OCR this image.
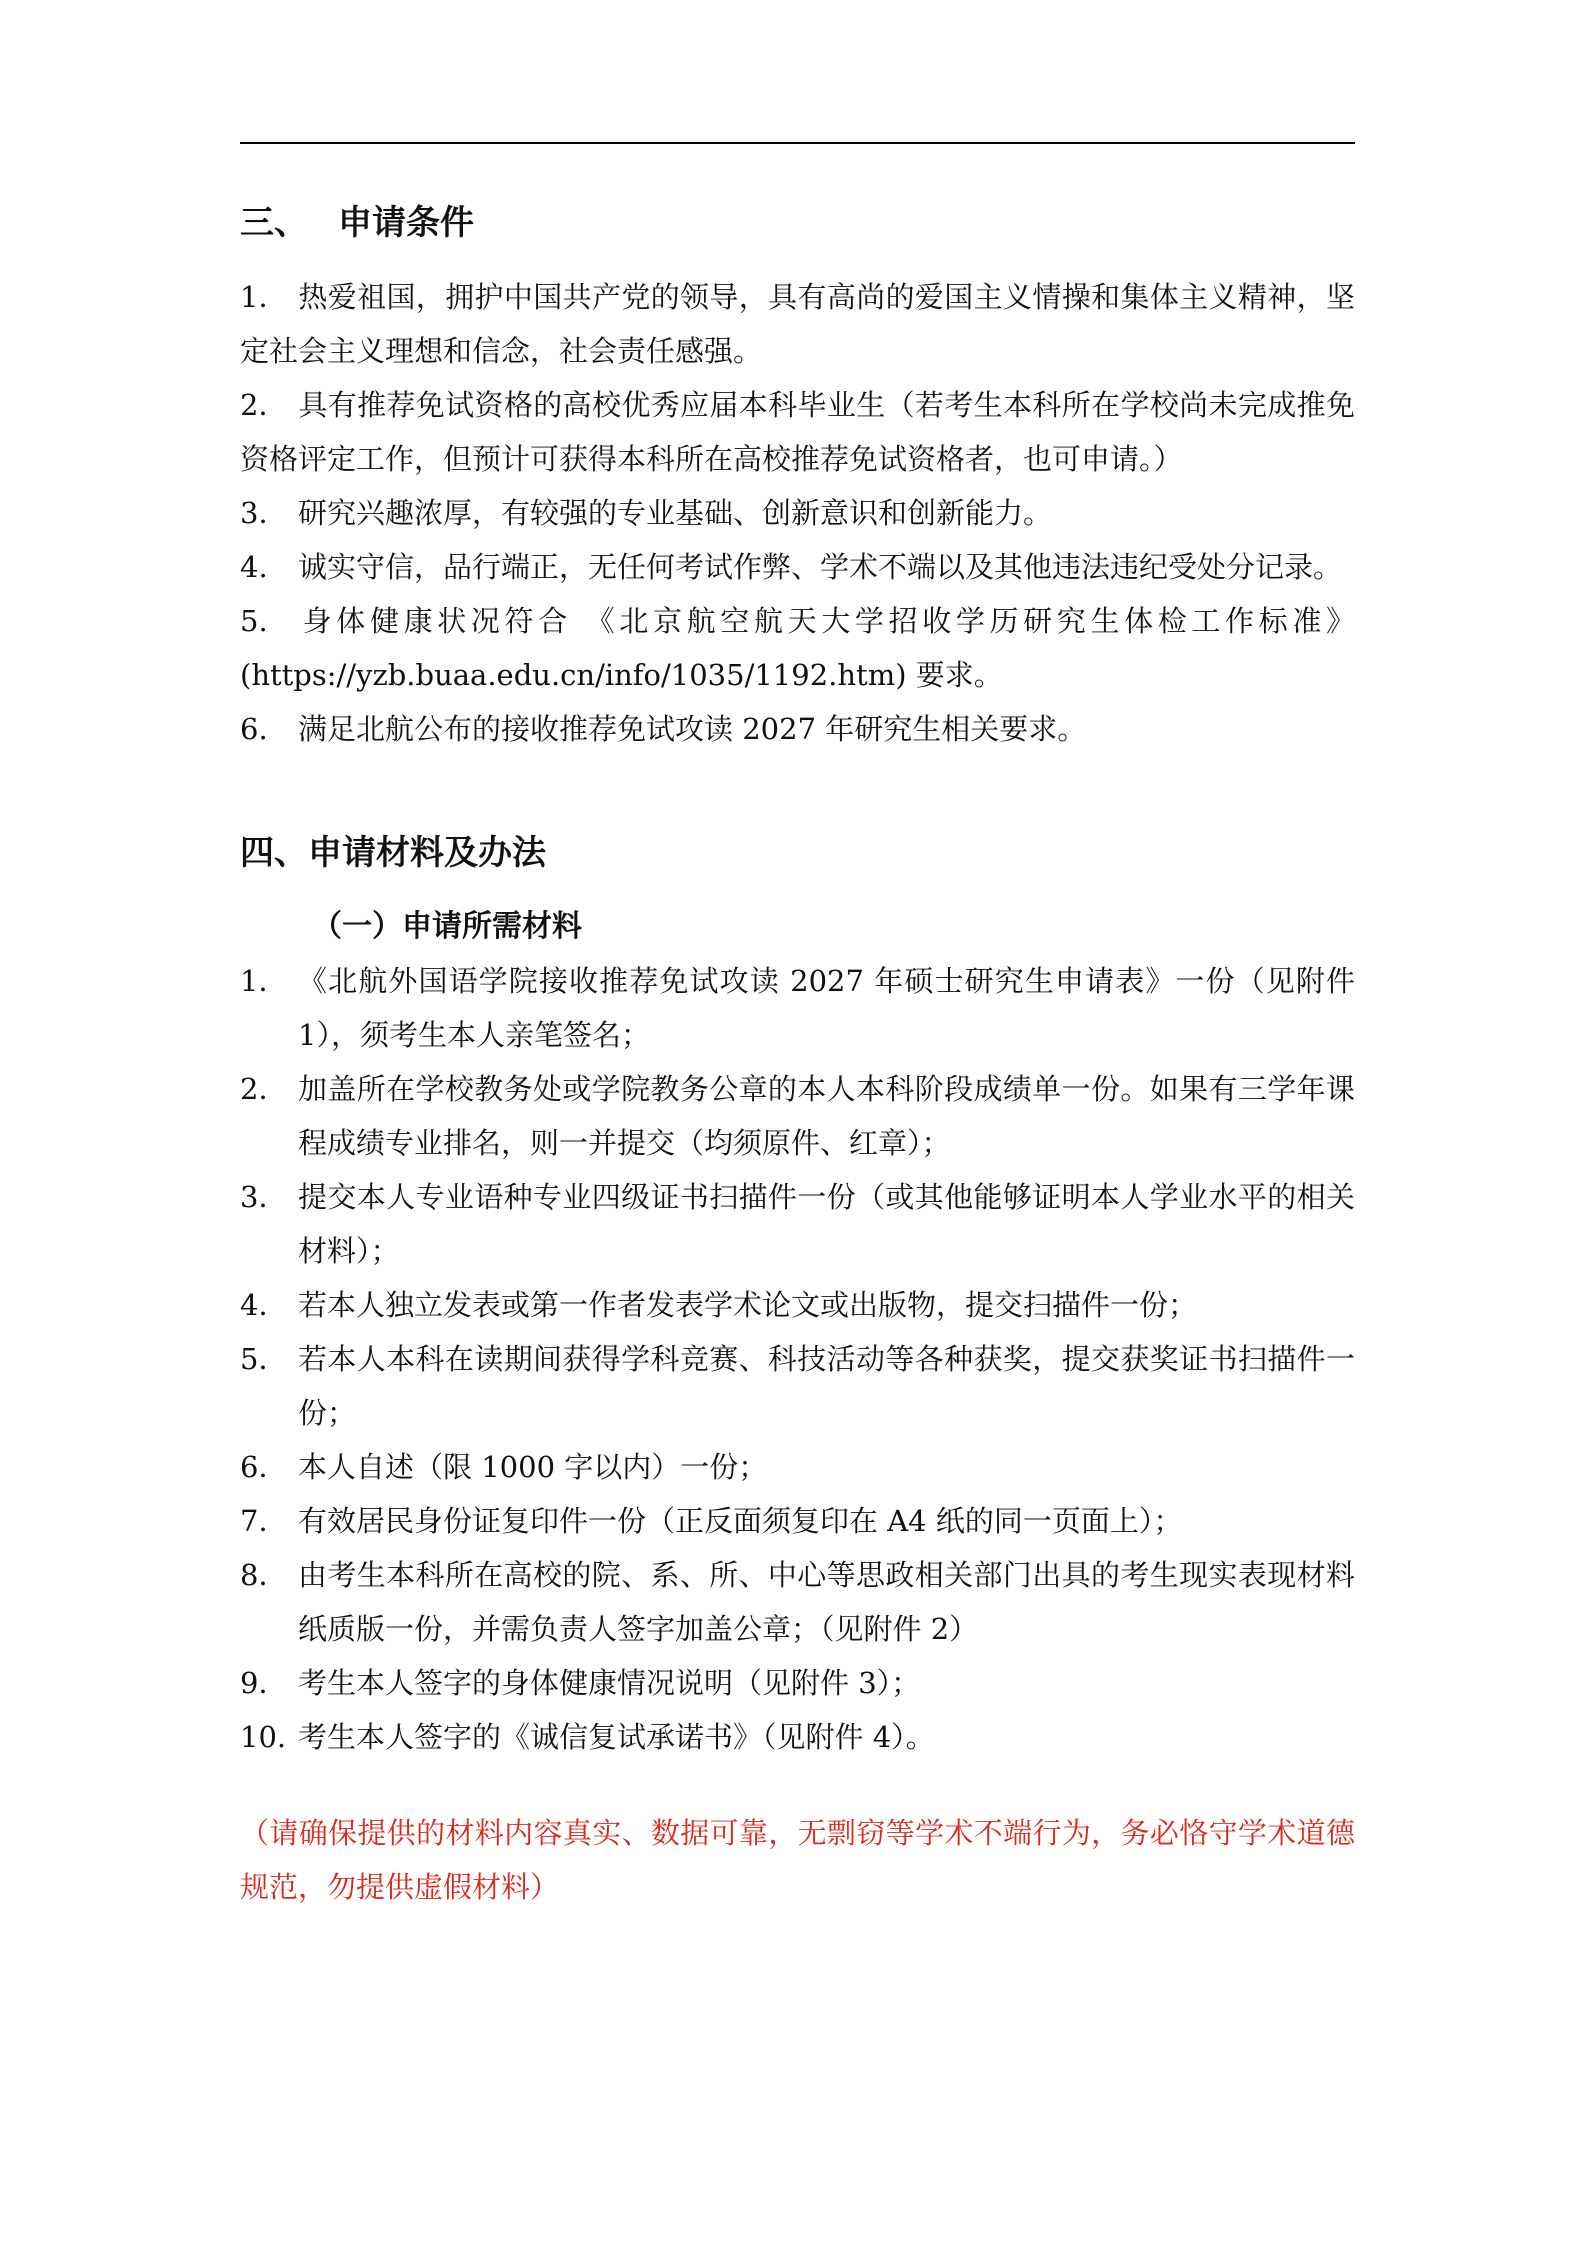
三、 申请条件
1． 热爱祖国，拥护中国共产党的领导，具有高尚的爱国主义情操和集体主义精神，坚定社会主义理想和信念，社会责任感强。
2． 具有推荐免试资格的高校优秀应届本科毕业生（若考生本科所在学校尚未完成推免资格评定工作，但预计可获得本科所在高校推荐免试资格者，也可申请。）
3． 研究兴趣浓厚，有较强的专业基础、创新意识和创新能力。
4. 诚实守信，品行端正，无任何考试作弊、学术不端以及其他违法违纪受处分记录。
5. 身体健康状况符合 《北京航空航天大学招收学历研究生体检工作标准》(https://yzb.buaa.edu.cn/info/1035/1192.htm) 要求。
6. 满足北航公布的接收推荐免试攻读 2027 年研究生相关要求。
四、申请材料及办法
（一）申请所需材料
1． 《北航外国语学院接收推荐免试攻读 2027 年硕士研究生申请表》一份（见附件 1），须考生本人亲笔签名；
2． 加盖所在学校教务处或学院教务公章的本人本科阶段成绩单一份。如果有三学年课程成绩专业排名，则一并提交（均须原件、红章）；
3． 提交本人专业语种专业四级证书扫描件一份（或其他能够证明本人学业水平的相关材料）；
4． 若本人独立发表或第一作者发表学术论文或出版物，提交扫描件一份；
5． 若本人本科在读期间获得学科竞赛、科技活动等各种获奖，提交获奖证书扫描件一份；
6． 本人自述（限 1000 字以内）一份；
7． 有效居民身份证复印件一份（正反面须复印在 A4 纸的同一页面上）；
8． 由考生本科所在高校的院、系、所、中心等思政相关部门出具的考生现实表现材料纸质版一份，并需负责人签字加盖公章；（见附件 2）
9． 考生本人签字的身体健康情况说明（见附件 3）；
10. 考生本人签字的《诚信复试承诺书》（见附件 4）。
（请确保提供的材料内容真实、数据可靠，无剽窃等学术不端行为，务必恪守学术道德规范，勿提供虚假材料）
